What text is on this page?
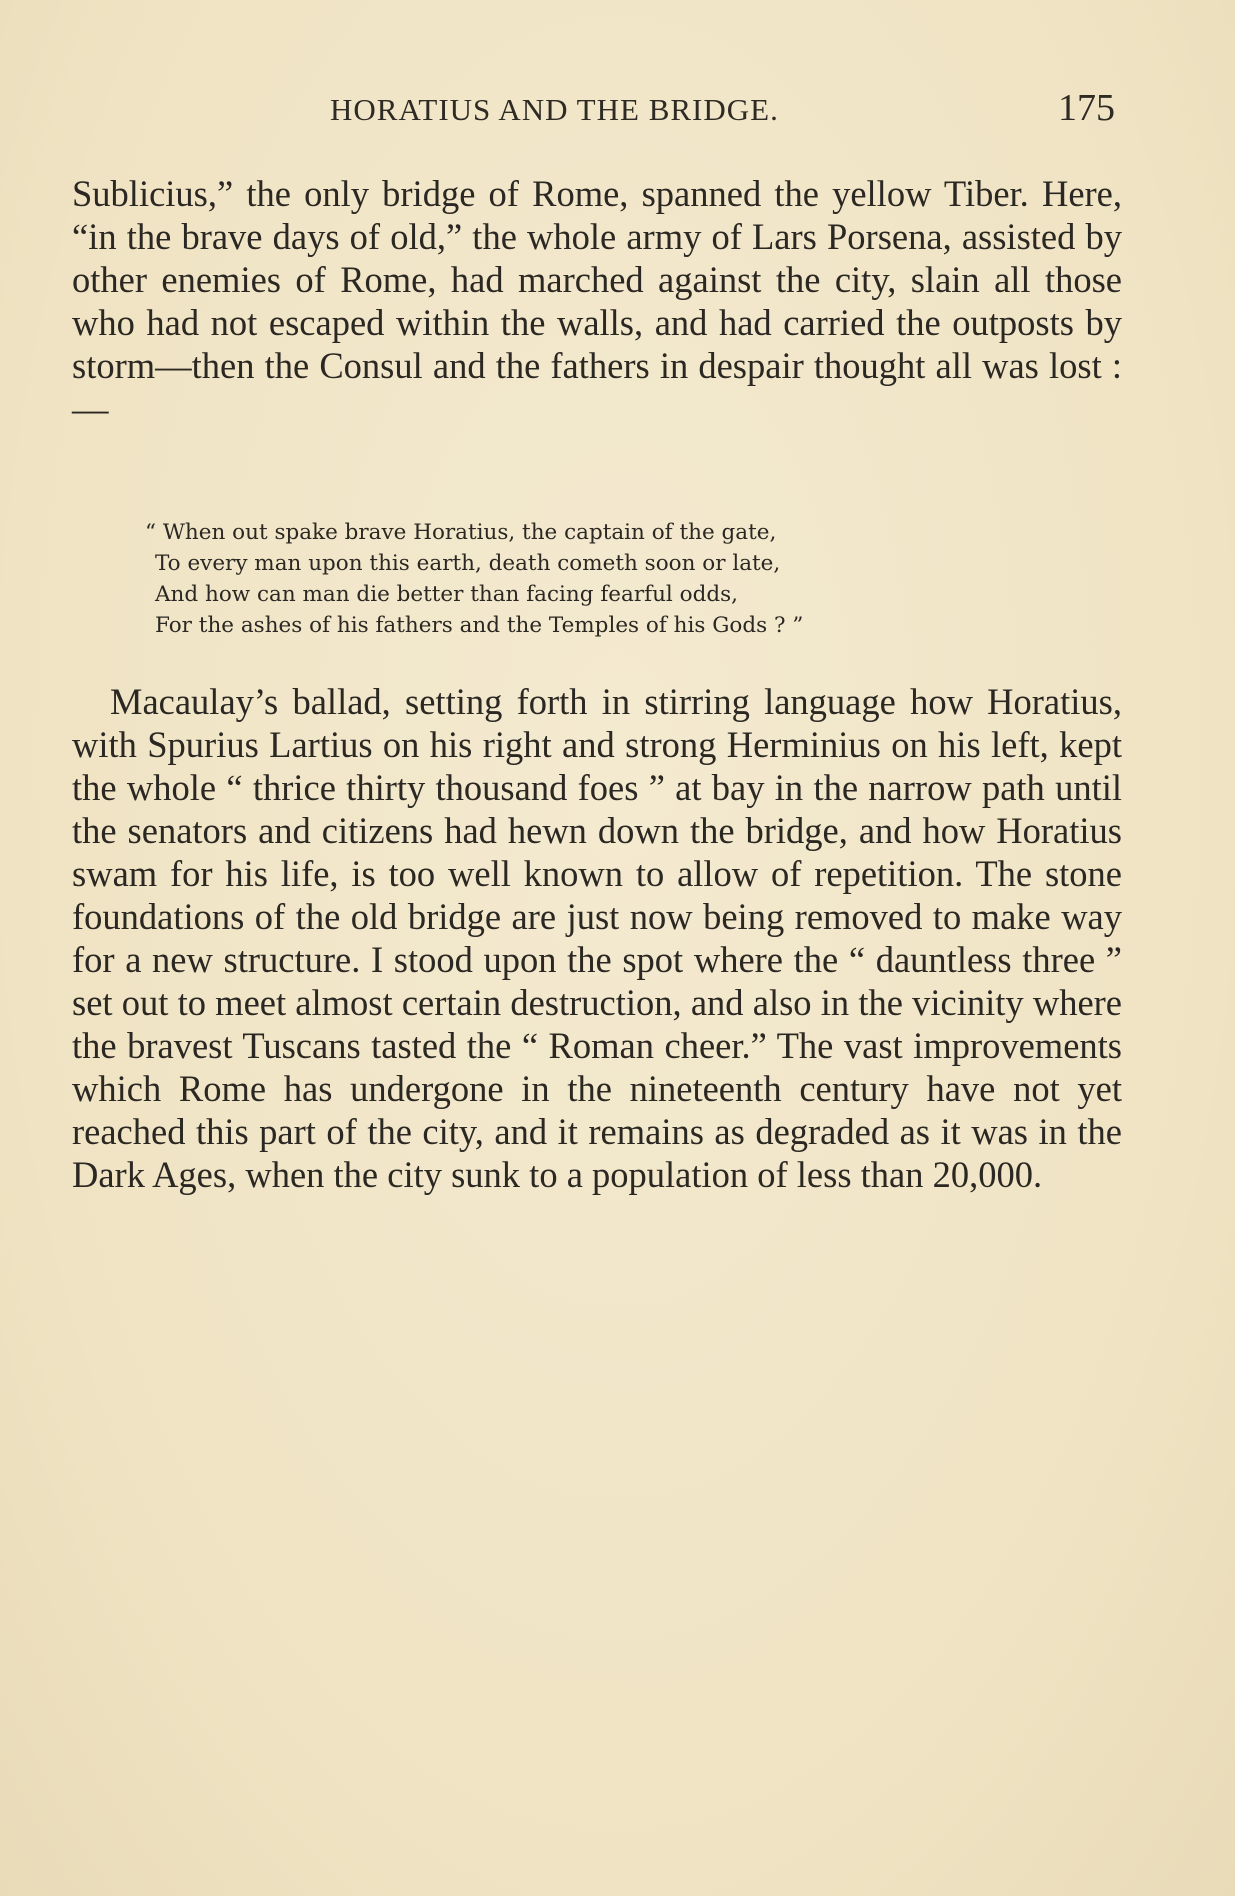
HORATIUS AND THE BRIDGE.	175

Sublicius,” the only bridge of Rome, spanned the yellow Tiber. Here, “in the brave days of old,” the whole army of Lars Porsena, assisted by other enemies of Rome, had marched against the city, slain all those who had not escaped within the walls, and had carried the outposts by storm—then the Consul and the fathers in despair thought all was lost :—

“ When out spake brave Horatius, the captain of the gate,
To every man upon this earth, death cometh soon or late,
And how can man die better than facing fearful odds,
For the ashes of his fathers and the Temples of his Gods ? ”

Macaulay’s ballad, setting forth in stirring language how Horatius, with Spurius Lartius on his right and strong Herminius on his left, kept the whole “ thrice thirty thousand foes ” at bay in the narrow path until the senators and citizens had hewn down the bridge, and how Horatius swam for his life, is too well known to allow of repetition. The stone foundations of the old bridge are just now being removed to make way for a new structure. I stood upon the spot where the “ dauntless three ” set out to meet almost certain destruction, and also in the vicinity where the bravest Tuscans tasted the “ Roman cheer.” The vast improvements which Rome has undergone in the nineteenth century have not yet reached this part of the city, and it remains as degraded as it was in the Dark Ages, when the city sunk to a population of less than 20,000.
